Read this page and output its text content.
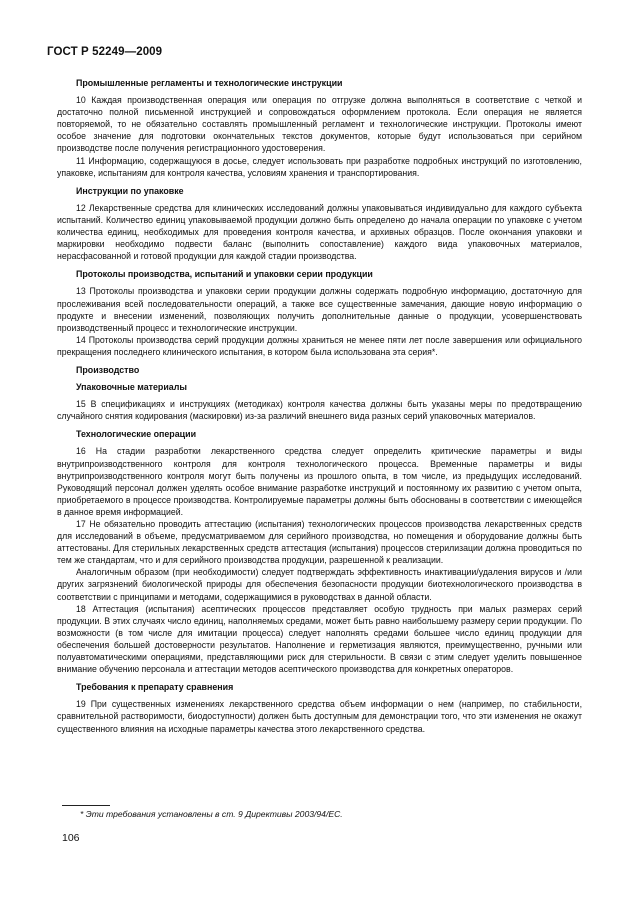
ГОСТ Р 52249—2009
Промышленные регламенты и технологические инструкции

10 Каждая производственная операция или операция по отгрузке должна выполняться в соответствие с четкой и достаточно полной письменной инструкцией и сопровождаться оформлением протокола. Если операция не является повторяемой, то не обязательно составлять промышленный регламент и технологические инструкции. Протоколы имеют особое значение для подготовки окончательных текстов документов, которые будут использоваться при серийном производстве после получения регистрационного удостоверения.

11 Информацию, содержащуюся в досье, следует использовать при разработке подробных инструкций по изготовлению, упаковке, испытаниям для контроля качества, условиям хранения и транспортирования.

Инструкции по упаковке

12 Лекарственные средства для клинических исследований должны упаковываться индивидуально для каждого субъекта испытаний. Количество единиц упаковываемой продукции должно быть определено до начала операции по упаковке с учетом количества единиц, необходимых для проведения контроля качества, и архивных образцов. После окончания упаковки и маркировки необходимо подвести баланс (выполнить сопоставление) каждого вида упаковочных материалов, нерасфасованной и готовой продукции для каждой стадии производства.

Протоколы производства, испытаний и упаковки серии продукции

13 Протоколы производства и упаковки серии продукции должны содержать подробную информацию, достаточную для прослеживания всей последовательности операций, а также все существенные замечания, дающие новую информацию о продукте и внесении изменений, позволяющих получить дополнительные данные о продукции, усовершенствовать производственный процесс и технологические инструкции.

14 Протоколы производства серий продукции должны храниться не менее пяти лет после завершения или официального прекращения последнего клинического испытания, в котором была использована эта серия*.

Производство
Упаковочные материалы

15 В спецификациях и инструкциях (методиках) контроля качества должны быть указаны меры по предотвращению случайного снятия кодирования (маскировки) из-за различий внешнего вида разных серий упаковочных материалов.

Технологические операции

16 На стадии разработки лекарственного средства следует определить критические параметры и виды внутрипроизводственного контроля для контроля технологического процесса. Временные параметры и виды внутрипроизводственного контроля могут быть получены из прошлого опыта, в том числе, из предыдущих исследований. Руководящий персонал должен уделять особое внимание разработке инструкций и постоянному их развитию с учетом опыта, приобретаемого в процессе производства. Контролируемые параметры должны быть обоснованы в соответствии с имеющейся в данное время информацией.

17 Не обязательно проводить аттестацию (испытания) технологических процессов производства лекарственных средств для исследований в объеме, предусматриваемом для серийного производства, но помещения и оборудование должны быть аттестованы. Для стерильных лекарственных средств аттестация (испытания) процессов стерилизации должна проводиться по тем же стандартам, что и для серийного производства продукции, разрешенной к реализации.

Аналогичным образом (при необходимости) следует подтверждать эффективность инактивации/удаления вирусов и /или других загрязнений биологической природы для обеспечения безопасности продукции биотехнологического производства в соответствии с принципами и методами, содержащимися в руководствах в данной области.

18 Аттестация (испытания) асептических процессов представляет особую трудность при малых размерах серий продукции. В этих случаях число единиц, наполняемых средами, может быть равно наибольшему размеру серии продукции. По возможности (в том числе для имитации процесса) следует наполнять средами большее число единиц продукции для обеспечения большей достоверности результатов. Наполнение и герметизация являются, преимущественно, ручными или полуавтоматическими операциями, представляющими риск для стерильности. В связи с этим следует уделить повышенное внимание обучению персонала и аттестации методов асептического производства для конкретных операторов.

Требования к препарату сравнения

19 При существенных изменениях лекарственного средства объем информации о нем (например, по стабильности, сравнительной растворимости, биодоступности) должен быть доступным для демонстрации того, что эти изменения не окажут существенного влияния на исходные параметры качества этого лекарственного средства.

* Эти требования установлены в ст. 9 Директивы 2003/94/ЕС.
106
